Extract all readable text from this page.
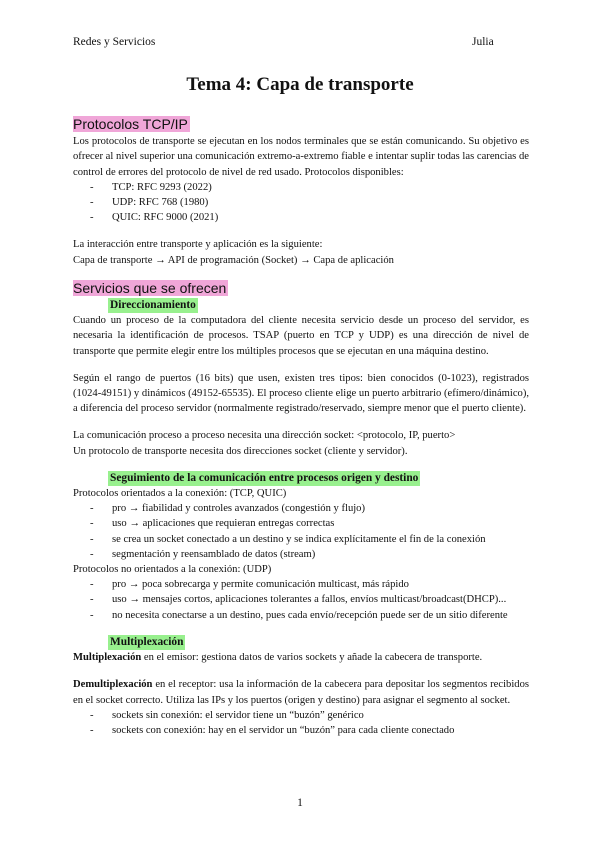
Redes y Servicios	Julia
Tema 4: Capa de transporte
Protocolos TCP/IP

Los protocolos de transporte se ejecutan en los nodos terminales que se están comunicando. Su objetivo es ofrecer al nivel superior una comunicación extremo-a-extremo fiable e intentar suplir todas las carencias de control de errores del protocolo de nivel de red usado. Protocolos disponibles:

- TCP: RFC 9293 (2022)
- UDP: RFC 768 (1980)
- QUIC: RFC 9000 (2021)

La interacción entre transporte y aplicación es la siguiente:

Capa de transporte → API de programación (Socket) → Capa de aplicación

Servicios que se ofrecen
Direccionamiento

Cuando un proceso de la computadora del cliente necesita servicio desde un proceso del servidor, es necesaria la identificación de procesos. TSAP (puerto en TCP y UDP) es una dirección de nivel de transporte que permite elegir entre los múltiples procesos que se ejecutan en una máquina destino.

Según el rango de puertos (16 bits) que usen, existen tres tipos: bien conocidos (0-1023), registrados (1024-49151) y dinámicos (49152-65535). El proceso cliente elige un puerto arbitrario (efímero/dinámico), a diferencia del proceso servidor (normalmente registrado/reservado, siempre menor que el puerto cliente).

La comunicación proceso a proceso necesita una dirección socket: <protocolo, IP, puerto>

Un protocolo de transporte necesita dos direcciones socket (cliente y servidor).

Seguimiento de la comunicación entre procesos origen y destino

Protocolos orientados a la conexión: (TCP, QUIC)

- pro → fiabilidad y controles avanzados (congestión y flujo)
- uso → aplicaciones que requieran entregas correctas
- se crea un socket conectado a un destino y se indica explícitamente el fin de la conexión
- segmentación y reensamblado de datos (stream)

Protocolos no orientados a la conexión: (UDP)

- pro → poca sobrecarga y permite comunicación multicast, más rápido
- uso → mensajes cortos, aplicaciones tolerantes a fallos, envíos multicast/broadcast(DHCP)...
- no necesita conectarse a un destino, pues cada envío/recepción puede ser de un sitio diferente
Multiplexación

Multiplexación en el emisor: gestiona datos de varios sockets y añade la cabecera de transporte.

Demultiplexación en el receptor: usa la información de la cabecera para depositar los segmentos recibidos en el socket correcto. Utiliza las IPs y los puertos (origen y destino) para asignar el segmento al socket.

- sockets sin conexión: el servidor tiene un “buzón” genérico
- sockets con conexión: hay en el servidor un “buzón” para cada cliente conectado
1
